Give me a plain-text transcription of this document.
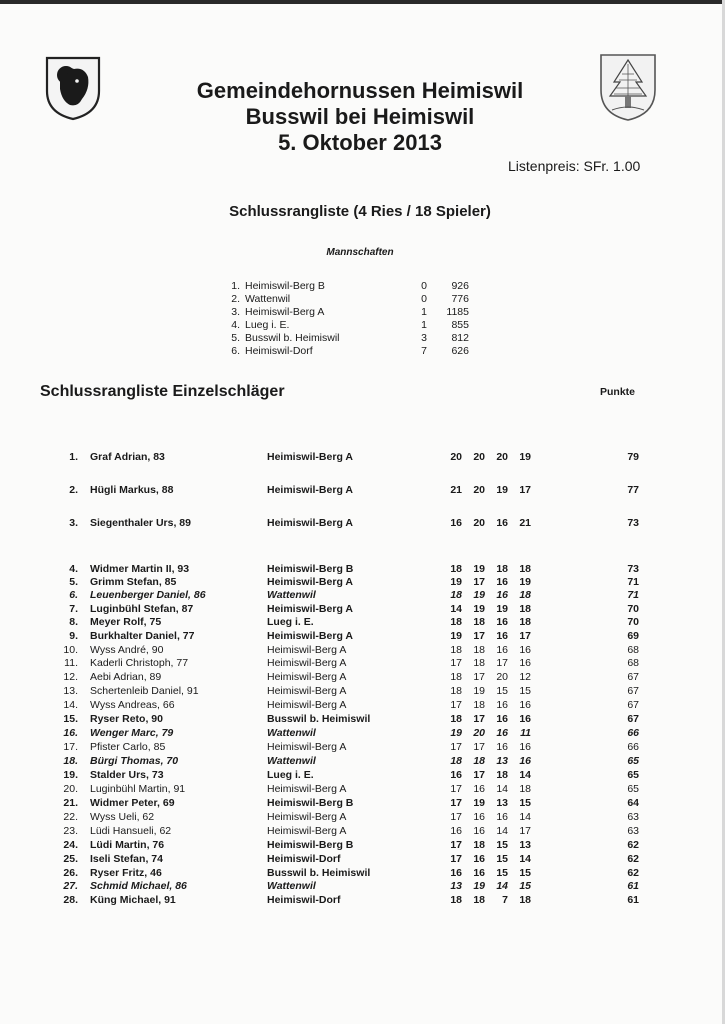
Gemeindehornussen Heimiswil
Busswil bei Heimiswil
5. Oktober 2013
Listenpreis: SFr. 1.00
Schlussrangliste (4 Ries / 18 Spieler)
Mannschaften
1. Heimiswil-Berg B	0	926
2. Wattenwil	0	776
3. Heimiswil-Berg A	1	1185
4. Lueg i. E.	1	855
5. Busswil b. Heimiswil	3	812
6. Heimiswil-Dorf	7	626
Schlussrangliste Einzelschläger	Punkte
1.	Graf Adrian, 83	Heimiswil-Berg A	20	20	20	19	79
2.	Hügli Markus, 88	Heimiswil-Berg A	21	20	19	17	77
3.	Siegenthaler Urs, 89	Heimiswil-Berg A	16	20	16	21	73
4.	Widmer Martin II, 93	Heimiswil-Berg B	18	19	18	18	73
5.	Grimm Stefan, 85	Heimiswil-Berg A	19	17	16	19	71
6.	Leuenberger Daniel, 86	Wattenwil	18	19	16	18	71
7.	Luginbühl Stefan, 87	Heimiswil-Berg A	14	19	19	18	70
8.	Meyer Rolf, 75	Lueg i. E.	18	18	16	18	70
9.	Burkhalter Daniel, 77	Heimiswil-Berg A	19	17	16	17	69
10.	Wyss André, 90	Heimiswil-Berg A	18	18	16	16	68
11.	Kaderli Christoph, 77	Heimiswil-Berg A	17	18	17	16	68
12.	Aebi Adrian, 89	Heimiswil-Berg A	18	17	20	12	67
13.	Schertenleib Daniel, 91	Heimiswil-Berg A	18	19	15	15	67
14.	Wyss Andreas, 66	Heimiswil-Berg A	17	18	16	16	67
15.	Ryser Reto, 90	Busswil b. Heimiswil	18	17	16	16	67
16.	Wenger Marc, 79	Wattenwil	19	20	16	11	66
17.	Pfister Carlo, 85	Heimiswil-Berg A	17	17	16	16	66
18.	Bürgi Thomas, 70	Wattenwil	18	18	13	16	65
19.	Stalder Urs, 73	Lueg i. E.	16	17	18	14	65
20.	Luginbühl Martin, 91	Heimiswil-Berg A	17	16	14	18	65
21.	Widmer Peter, 69	Heimiswil-Berg B	17	19	13	15	64
22.	Wyss Ueli, 62	Heimiswil-Berg A	17	16	16	14	63
23.	Lüdi Hansueli, 62	Heimiswil-Berg A	16	16	14	17	63
24.	Lüdi Martin, 76	Heimiswil-Berg B	17	18	15	13	62
25.	Iseli Stefan, 74	Heimiswil-Dorf	17	16	15	14	62
26.	Ryser Fritz, 46	Busswil b. Heimiswil	16	16	15	15	62
27.	Schmid Michael, 86	Wattenwil	13	19	14	15	61
28.	Küng Michael, 91	Heimiswil-Dorf	18	18	7	18	61
